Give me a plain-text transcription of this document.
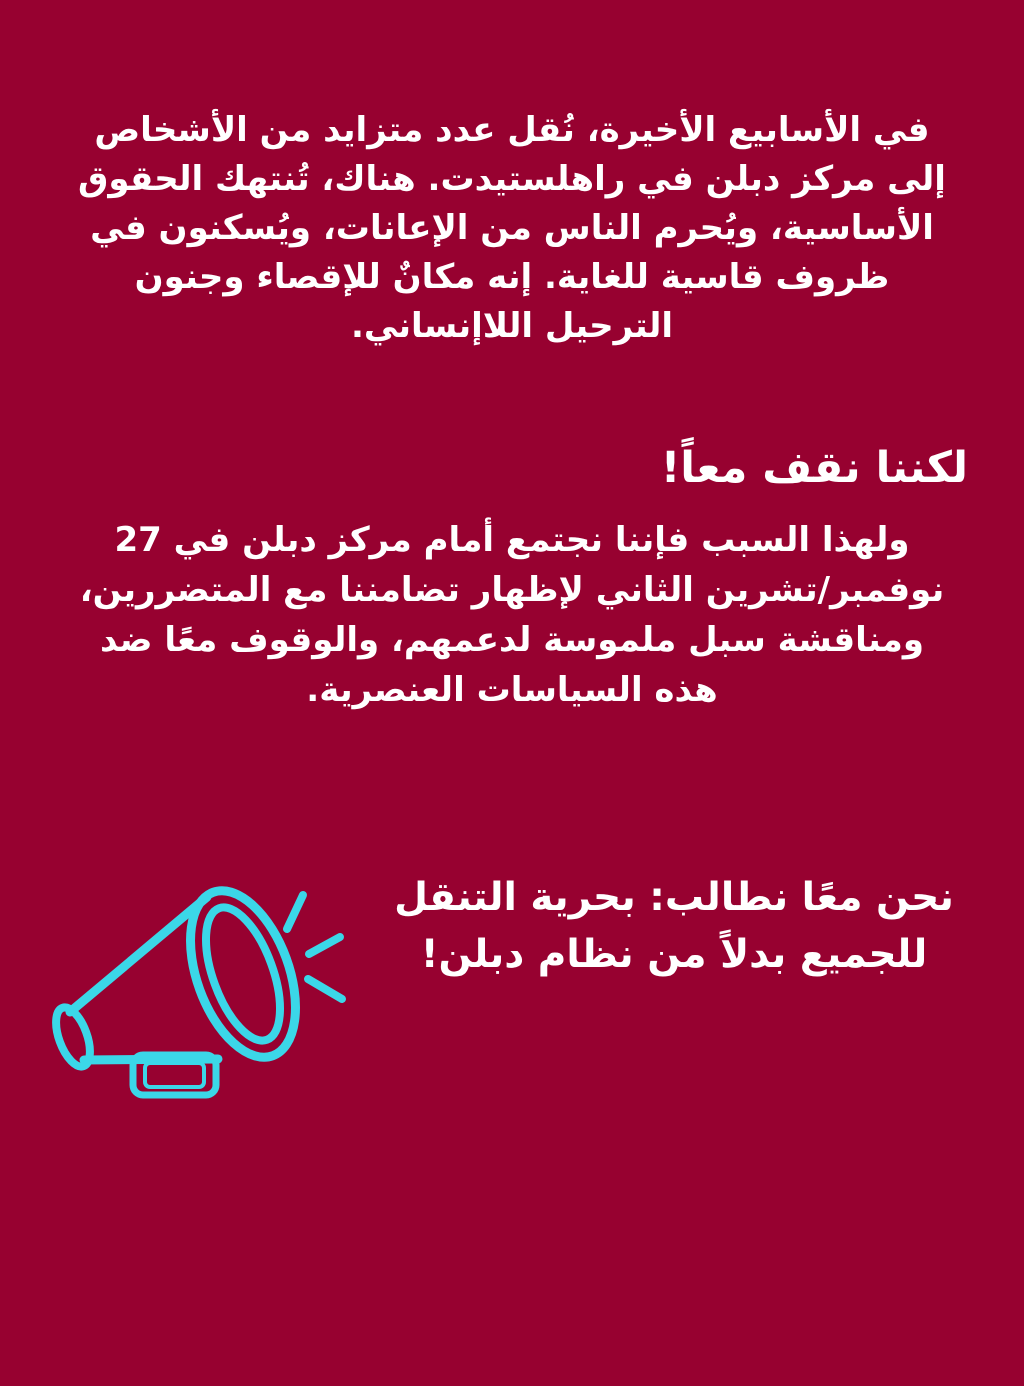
في الأسابيع الأخيرة، نُقل عدد متزايد من الأشخاص
إلى مركز دبلن في راهلستيدت. هناك، تُنتهك الحقوق
الأساسية، ويُحرم الناس من الإعانات، ويُسكنون في
ظروف قاسية للغاية. إنه مكانٌ للإقصاء وجنون
الترحيل اللاإنساني.
لكننا نقف معاً!
ولهذا السبب فإننا نجتمع أمام مركز دبلن في 27
نوفمبر/تشرين الثاني لإظهار تضامننا مع المتضررين،
ومناقشة سبل ملموسة لدعمهم، والوقوف معًا ضد
هذه السياسات العنصرية.
نحن معًا نطالب: بحرية التنقل
للجميع بدلاً من نظام دبلن!
